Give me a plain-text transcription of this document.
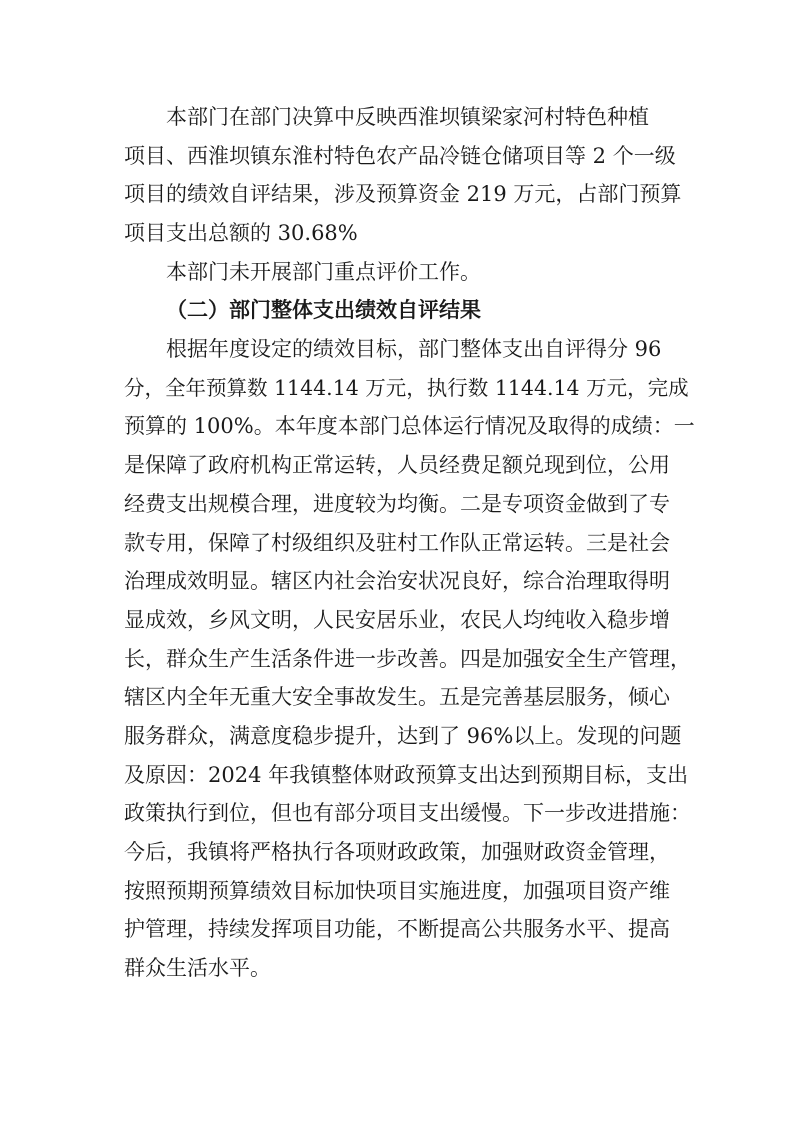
本部门在部门决算中反映西淮坝镇梁家河村特色种植
项目、西淮坝镇东淮村特色农产品冷链仓储项目等 2 个一级
项目的绩效自评结果，涉及预算资金 219 万元，占部门预算
项目支出总额的 30.68%
本部门未开展部门重点评价工作。
（二）部门整体支出绩效自评结果
根据年度设定的绩效目标，部门整体支出自评得分 96
分，全年预算数 1144.14 万元，执行数 1144.14 万元，完成
预算的 100%。本年度本部门总体运行情况及取得的成绩：一
是保障了政府机构正常运转，人员经费足额兑现到位，公用
经费支出规模合理，进度较为均衡。二是专项资金做到了专
款专用，保障了村级组织及驻村工作队正常运转。三是社会
治理成效明显。辖区内社会治安状况良好，综合治理取得明
显成效，乡风文明，人民安居乐业，农民人均纯收入稳步增
长，群众生产生活条件进一步改善。四是加强安全生产管理，
辖区内全年无重大安全事故发生。五是完善基层服务，倾心
服务群众，满意度稳步提升，达到了 96%以上。发现的问题
及原因：2024 年我镇整体财政预算支出达到预期目标，支出
政策执行到位，但也有部分项目支出缓慢。下一步改进措施：
今后，我镇将严格执行各项财政政策，加强财政资金管理，
按照预期预算绩效目标加快项目实施进度，加强项目资产维
护管理，持续发挥项目功能，不断提高公共服务水平、提高
群众生活水平。
